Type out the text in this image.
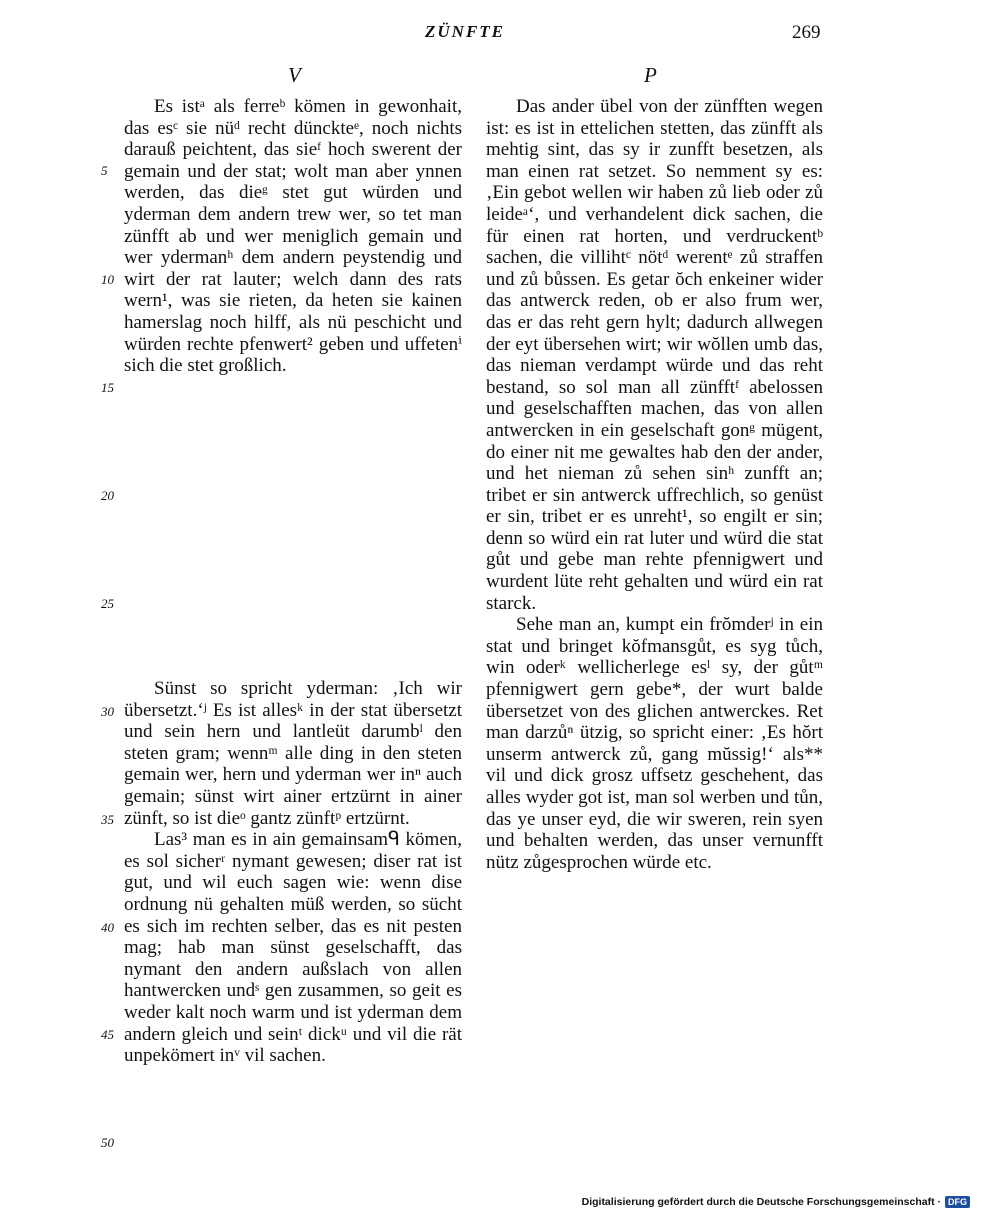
ZÜNFTE	269
V	P
5
10
15
20
25
30
35
40
45
50

Es istᵃ als ferreᵇ kömen in gewonhait, das esᶜ sie nüᵈ recht dünckteᵉ, noch nichts darauß peichtent, das sieᶠ hoch swerent der gemain und der stat; wolt man aber ynnen werden, das dieᵍ stet gut würden und yderman dem andern trew wer, so tet man zünfft ab und wer meniglich gemain und wer ydermanʰ dem andern peystendig und wirt der rat lauter; welch dann des rats wern¹, was sie rieten, da heten sie kainen hamerslag noch hilff, als nü peschicht und würden rechte pfenwert² geben und uffetenⁱ sich die stet großlich.

Sünst so spricht yderman: ‚Ich wir übersetzt.‘ʲ Es ist allesᵏ in der stat übersetzt und sein hern und lantleüt darumbˡ den steten gram; wennᵐ alle ding in den steten gemain wer, hern und yderman wer inⁿ auch gemain; sünst wirt ainer ertzürnt in ainer zünft, so ist dieᵒ gantz zünftᵖ ertzürnt.

Las³ man es in ain gemainsamᑫ kömen, es sol sicherʳ nymant gewesen; diser rat ist gut, und wil euch sagen wie: wenn dise ordnung nü gehalten müß werden, so sücht es sich im rechten selber, das es nit pesten mag; hab man sünst geselschafft, das nymant den andern außslach von allen hantwercken undˢ gen zusammen, so geit es weder kalt noch warm und ist yderman dem andern gleich und seinᵗ dickᵘ und vil die rät unpekömert inᵛ vil sachen.

Das ander übel von der zünfften wegen ist: es ist in ettelichen stetten, das zünfft als mehtig sint, das sy ir zunfft besetzen, als man einen rat setzet. So nemment sy es: ‚Ein gebot wellen wir haben zů lieb oder zů leideᵃ‘, und verhandelent dick sachen, die für einen rat horten, und verdruckentᵇ sachen, die villihtᶜ nötᵈ werentᵉ zů straffen und zů bůssen. Es getar ŏch enkeiner wider das antwerck reden, ob er also frum wer, das er das reht gern hylt; dadurch allwegen der eyt übersehen wirt; wir wŏllen umb das, das nieman verdampt würde und das reht bestand, so sol man all zünfftᶠ abelossen und geselschafften machen, das von allen antwercken in ein geselschaft gonᵍ mügent, do einer nit me gewaltes hab den der ander, und het nieman zů sehen sinʰ zunfft an; tribet er sin antwerck uffrechlich, so genüst er sin, tribet er es unreht¹, so engilt er sin; denn so würd ein rat luter und würd die stat gůt und gebe man rehte pfennigwert und wurdent lüte reht gehalten und würd ein rat starck.

Sehe man an, kumpt ein frŏmderʲ in ein stat und bringet kŏfmansgůt, es syg tůch, win oderᵏ wellicherlege esˡ sy, der gůtᵐ pfennigwert gern gebe*, der wurt balde übersetzet von des glichen antwerckes. Ret man darzůⁿ ützig, so spricht einer: ‚Es hŏrt unserm antwerck zů, gang mŭssig!‘ als** vil und dick grosz uffsetz geschehent, das alles wyder got ist, man sol werben und tůn, das ye unser eyd, die wir sweren, rein syen und behalten werden, das unser vernunfft nütz zůgesprochen würde etc.

Digitalisierung gefördert durch die Deutsche Forschungsgemeinschaft · DFG
